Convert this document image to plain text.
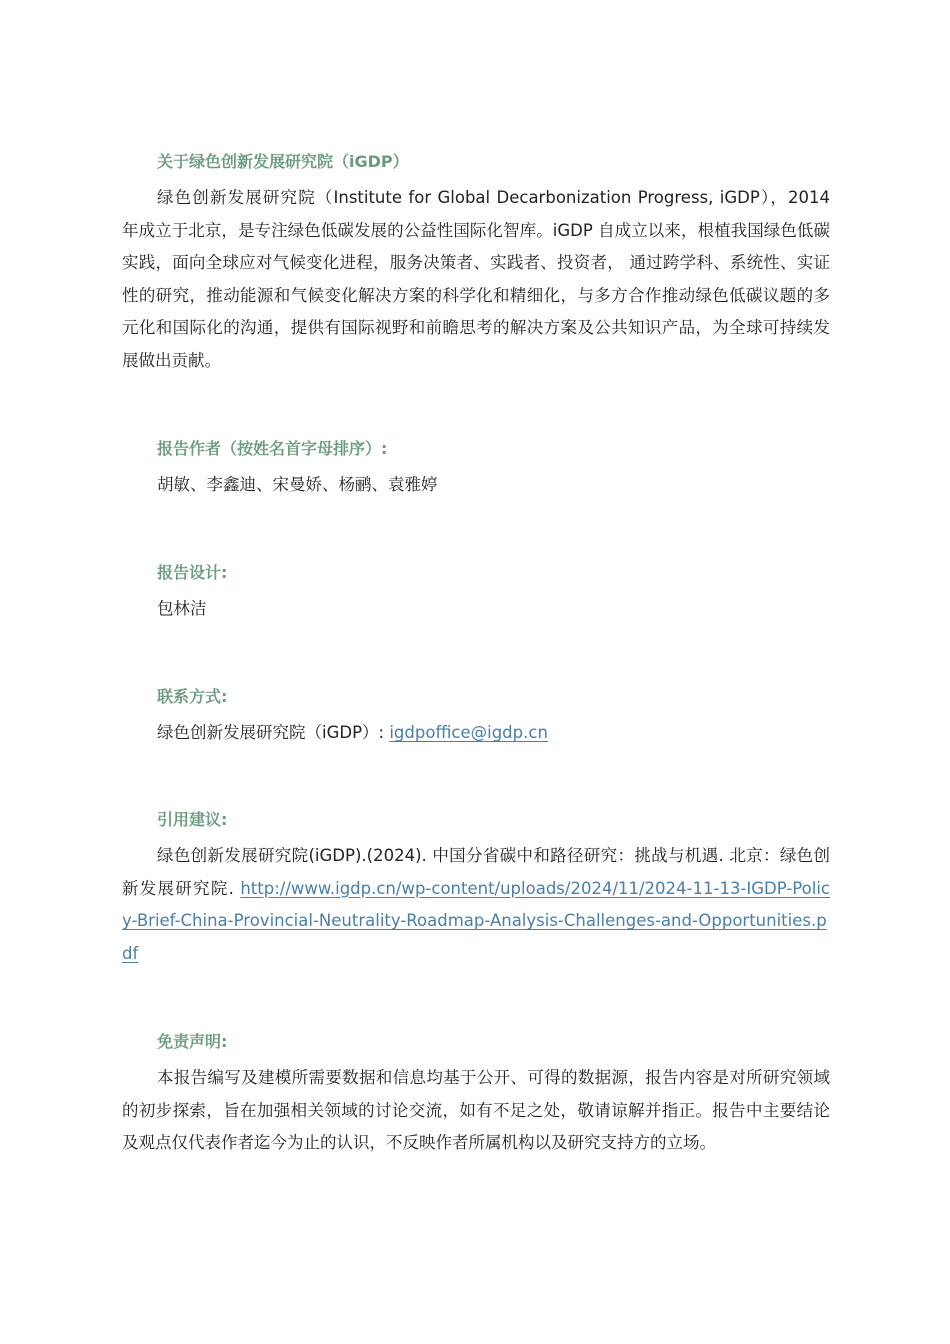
关于绿色创新发展研究院（iGDP）

绿色创新发展研究院（Institute for Global Decarbonization Progress, iGDP），2014 年成立于北京，是专注绿色低碳发展的公益性国际化智库。iGDP 自成立以来，根植我国绿色低碳实践，面向全球应对气候变化进程，服务决策者、实践者、投资者， 通过跨学科、系统性、实证性的研究，推动能源和气候变化解决方案的科学化和精细化，与多方合作推动绿色低碳议题的多元化和国际化的沟通，提供有国际视野和前瞻思考的解决方案及公共知识产品，为全球可持续发展做出贡献。

报告作者（按姓名首字母排序）:

胡敏、李鑫迪、宋曼娇、杨鹂、袁雅婷

报告设计:

包林洁

联系方式:

绿色创新发展研究院（iGDP）: igdpoffice@igdp.cn

引用建议:

绿色创新发展研究院(iGDP).(2024). 中国分省碳中和路径研究：挑战与机遇. 北京：绿色创新发展研究院. http://www.igdp.cn/wp-content/uploads/2024/11/2024-11-13-IGDP-Policy-Brief-China-Provincial-Neutrality-Roadmap-Analysis-Challenges-and-Opportunities.pdf

免责声明:

本报告编写及建模所需要数据和信息均基于公开、可得的数据源，报告内容是对所研究领域的初步探索，旨在加强相关领域的讨论交流，如有不足之处，敬请谅解并指正。报告中主要结论及观点仅代表作者迄今为止的认识，不反映作者所属机构以及研究支持方的立场。
